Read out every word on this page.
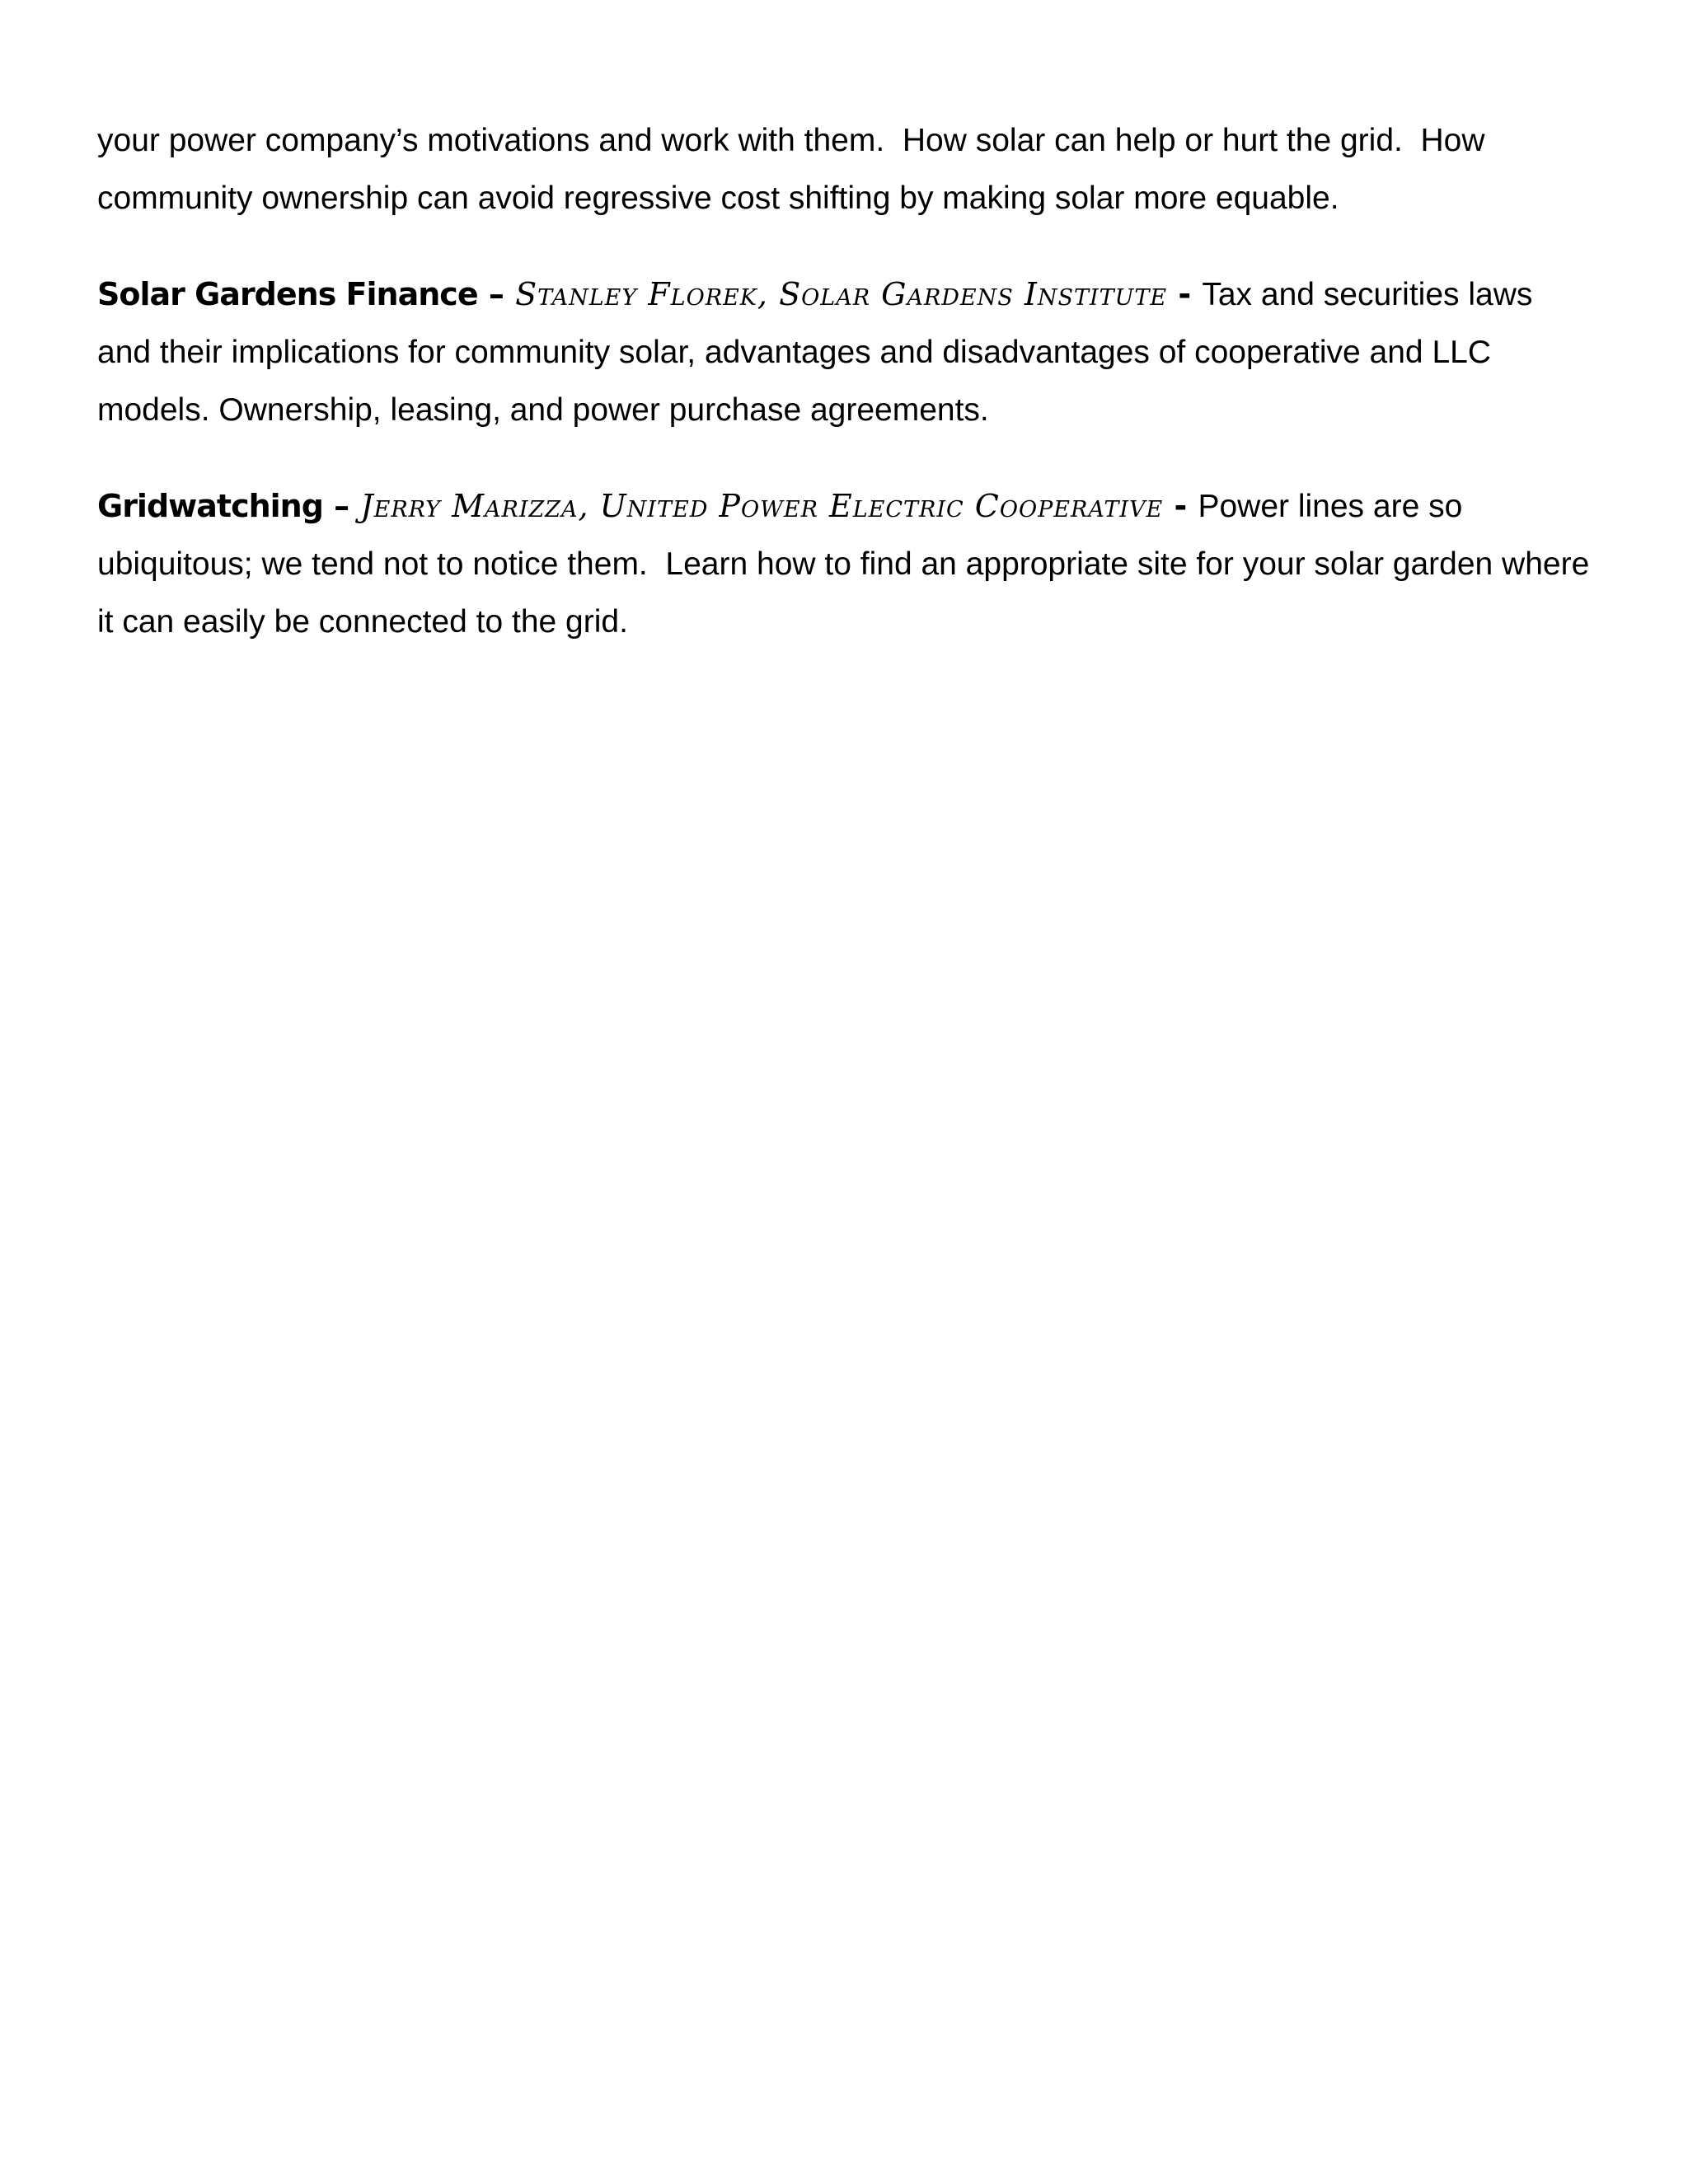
your power company’s motivations and work with them.  How solar can help or hurt the grid.  How community ownership can avoid regressive cost shifting by making solar more equable.

Solar Gardens Finance – Stanley Florek, Solar Gardens Institute - Tax and securities laws and their implications for community solar, advantages and disadvantages of cooperative and LLC models. Ownership, leasing, and power purchase agreements.

Gridwatching – Jerry Marizza, United Power Electric Cooperative - Power lines are so ubiquitous; we tend not to notice them.  Learn how to find an appropriate site for your solar garden where it can easily be connected to the grid.
